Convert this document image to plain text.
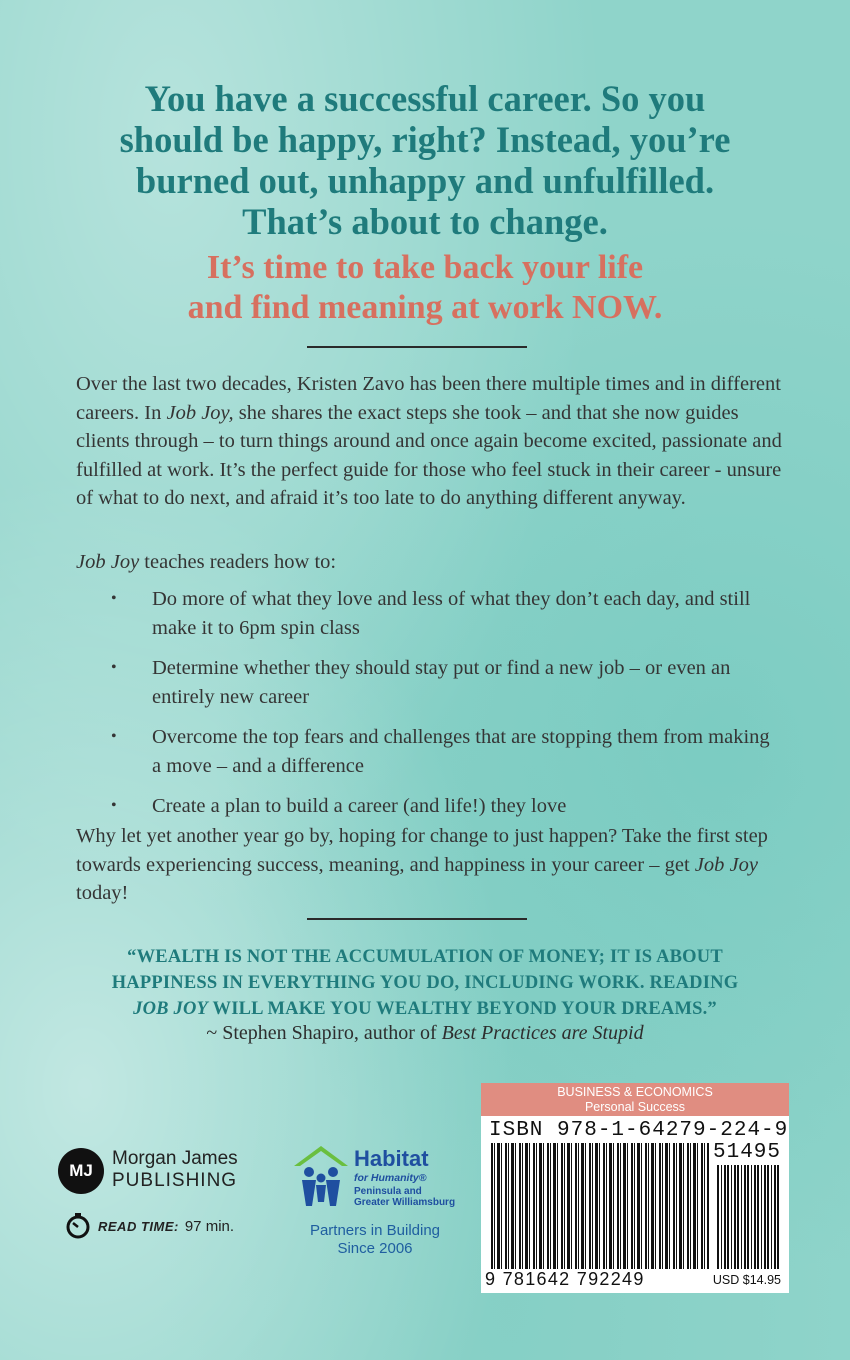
You have a successful career. So you
should be happy, right? Instead, you’re
burned out, unhappy and unfulfilled.
That’s about to change.
It’s time to take back your life
and find meaning at work NOW.
Over the last two decades, Kristen Zavo has been there multiple times and in different careers. In Job Joy, she shares the exact steps she took – and that she now guides clients through – to turn things around and once again become excited, passionate and fulfilled at work. It’s the perfect guide for those who feel stuck in their career - unsure of what to do next, and afraid it’s too late to do anything different anyway.
Job Joy teaches readers how to:
• Do more of what they love and less of what they don’t each day, and still make it to 6pm spin class
• Determine whether they should stay put or find a new job – or even an entirely new career
• Overcome the top fears and challenges that are stopping them from making a move – and a difference
• Create a plan to build a career (and life!) they love
Why let yet another year go by, hoping for change to just happen? Take the first step towards experiencing success, meaning, and happiness in your career – get Job Joy today!
“WEALTH IS NOT THE ACCUMULATION OF MONEY; IT IS ABOUT
HAPPINESS IN EVERYTHING YOU DO, INCLUDING WORK. READING
JOB JOY WILL MAKE YOU WEALTHY BEYOND YOUR DREAMS.”
~ Stephen Shapiro, author of Best Practices are Stupid
MJ
Morgan James
PUBLISHING
READ TIME: 97 min.
Habitat
for Humanity®
Peninsula and
Greater Williamsburg
Partners in Building
Since 2006
BUSINESS & ECONOMICS
Personal Success
ISBN 978-1-64279-224-9
51495
9 781642 792249	USD $14.95
